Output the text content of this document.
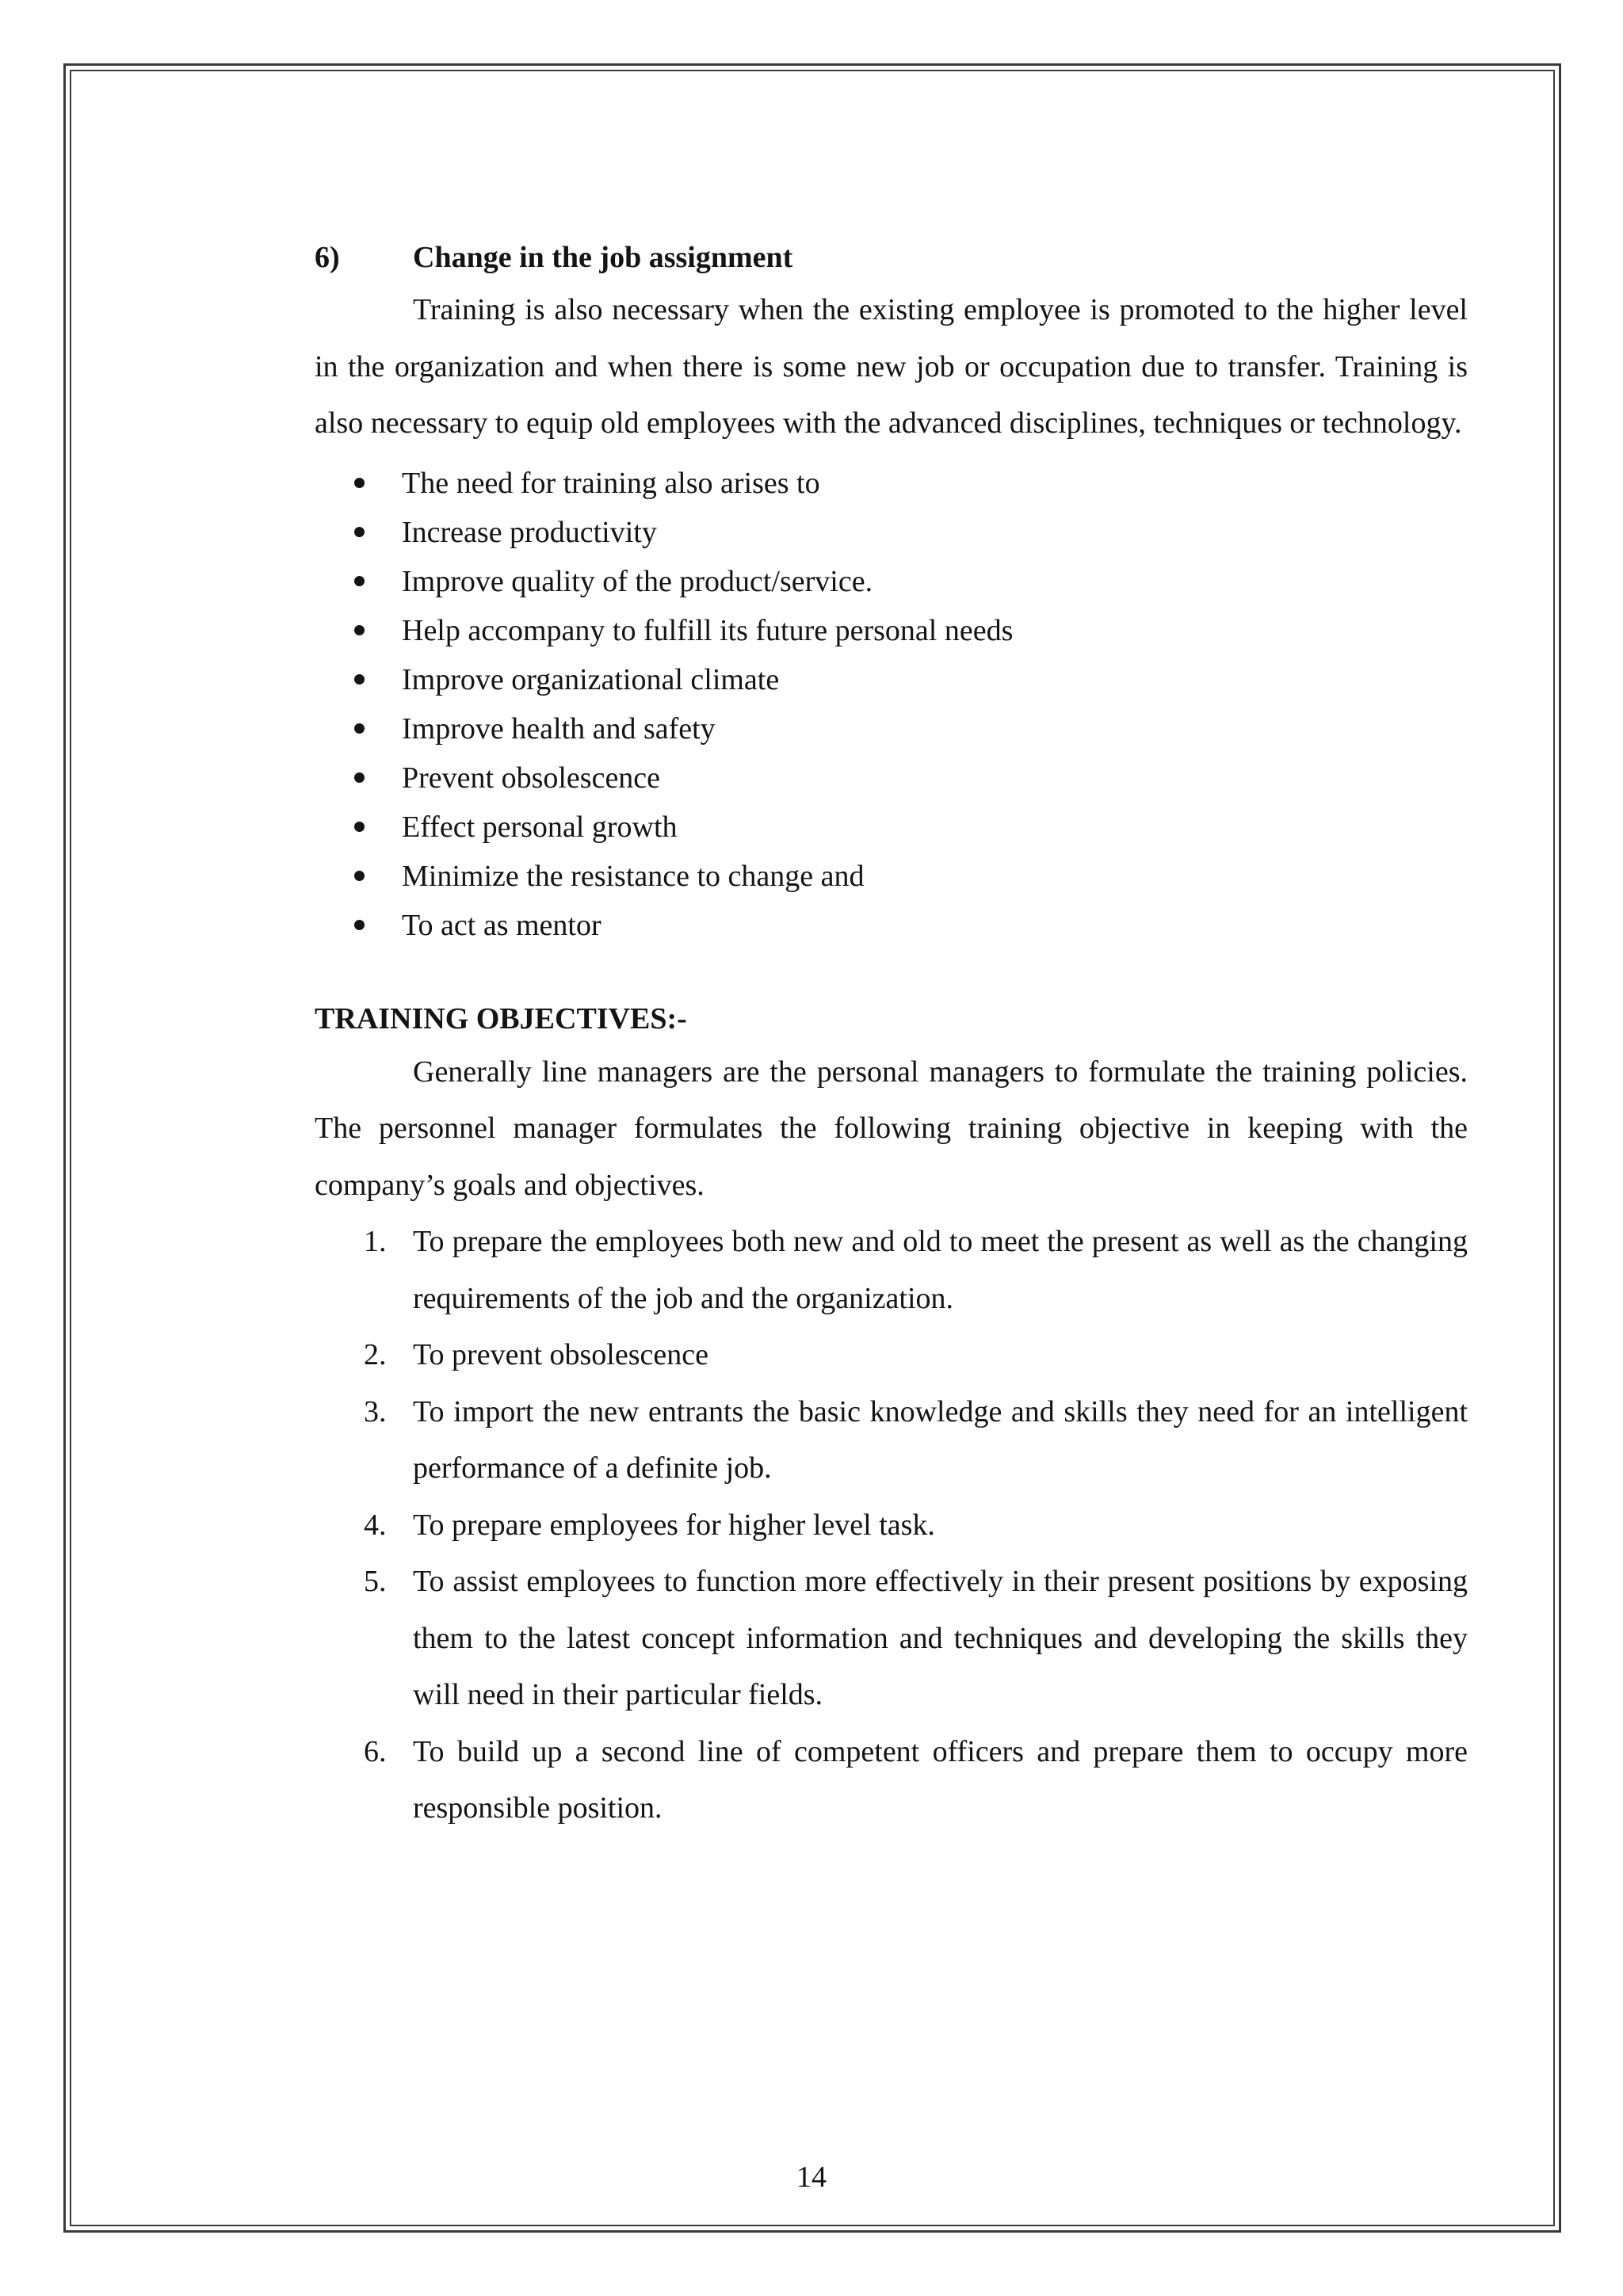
6)	Change in the job assignment

Training is also necessary when the existing employee is promoted to the higher level in the organization and when there is some new job or occupation due to transfer. Training is also necessary to equip old employees with the advanced disciplines, techniques or technology.

The need for training also arises to
Increase productivity
Improve quality of the product/service.
Help accompany to fulfill its future personal needs
Improve organizational climate
Improve health and safety
Prevent obsolescence
Effect personal growth
Minimize the resistance to change and
To act as mentor
TRAINING OBJECTIVES:-

Generally line managers are the personal managers to formulate the training policies. The personnel manager formulates the following training objective in keeping with the company’s goals and objectives.

1. To prepare the employees both new and old to meet the present as well as the changing requirements of the job and the organization.
2. To prevent obsolescence
3. To import the new entrants the basic knowledge and skills they need for an intelligent performance of a definite job.
4. To prepare employees for higher level task.
5. To assist employees to function more effectively in their present positions by exposing them to the latest concept information and techniques and developing the skills they will need in their particular fields.
6. To build up a second line of competent officers and prepare them to occupy more responsible position.
14
